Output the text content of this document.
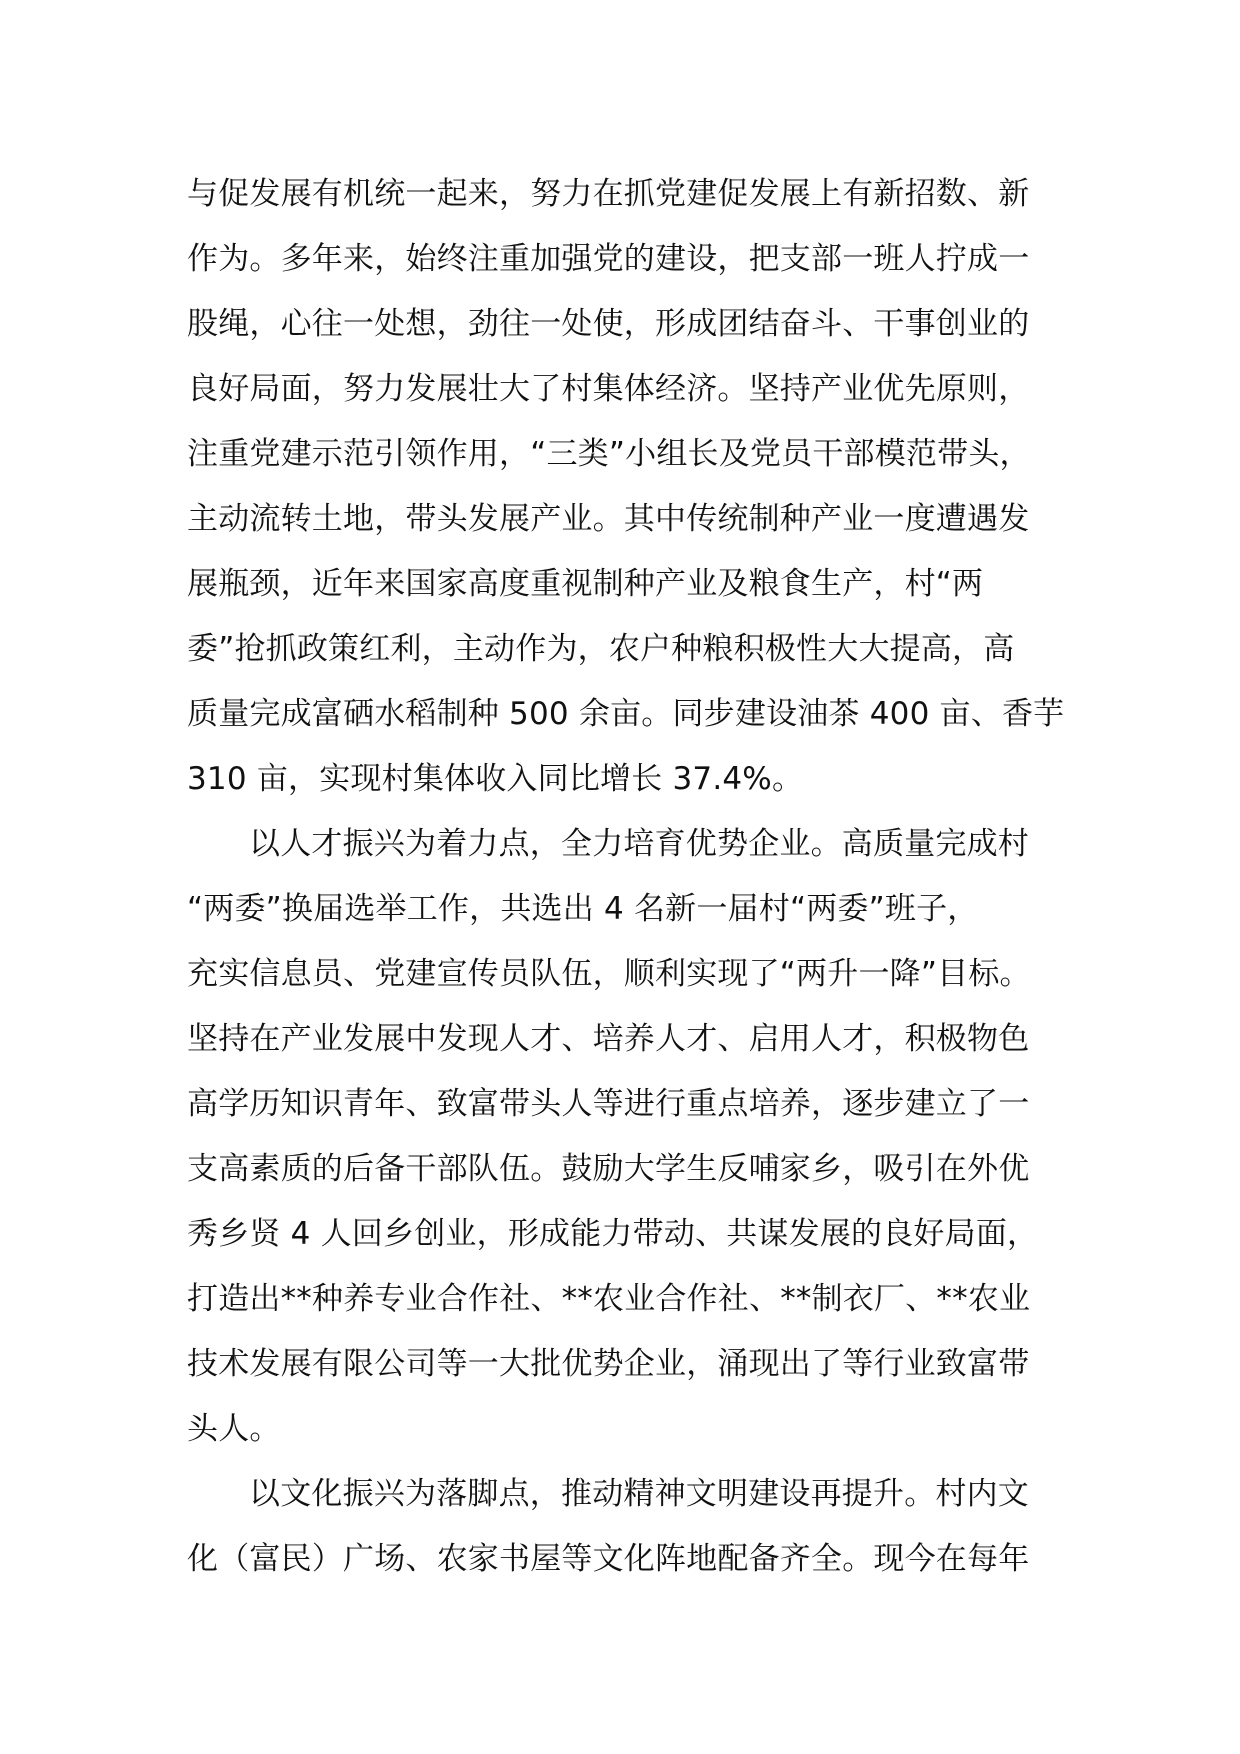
与促发展有机统一起来，努力在抓党建促发展上有新招数、新
作为。多年来，始终注重加强党的建设，把支部一班人拧成一
股绳，心往一处想，劲往一处使，形成团结奋斗、干事创业的
良好局面，努力发展壮大了村集体经济。坚持产业优先原则，
注重党建示范引领作用，“三类”小组长及党员干部模范带头，
主动流转土地，带头发展产业。其中传统制种产业一度遭遇发
展瓶颈，近年来国家高度重视制种产业及粮食生产，村“两
委”抢抓政策红利，主动作为，农户种粮积极性大大提高，高
质量完成富硒水稻制种 500 余亩。同步建设油茶 400 亩、香芋
310 亩，实现村集体收入同比增长 37.4%。
以人才振兴为着力点，全力培育优势企业。高质量完成村
“两委”换届选举工作，共选出 4 名新一届村“两委”班子，
充实信息员、党建宣传员队伍，顺利实现了“两升一降”目标。
坚持在产业发展中发现人才、培养人才、启用人才，积极物色
高学历知识青年、致富带头人等进行重点培养，逐步建立了一
支高素质的后备干部队伍。鼓励大学生反哺家乡，吸引在外优
秀乡贤 4 人回乡创业，形成能力带动、共谋发展的良好局面，
打造出**种养专业合作社、**农业合作社、**制衣厂、**农业
技术发展有限公司等一大批优势企业，涌现出了等行业致富带
头人。
以文化振兴为落脚点，推动精神文明建设再提升。村内文
化（富民）广场、农家书屋等文化阵地配备齐全。现今在每年
